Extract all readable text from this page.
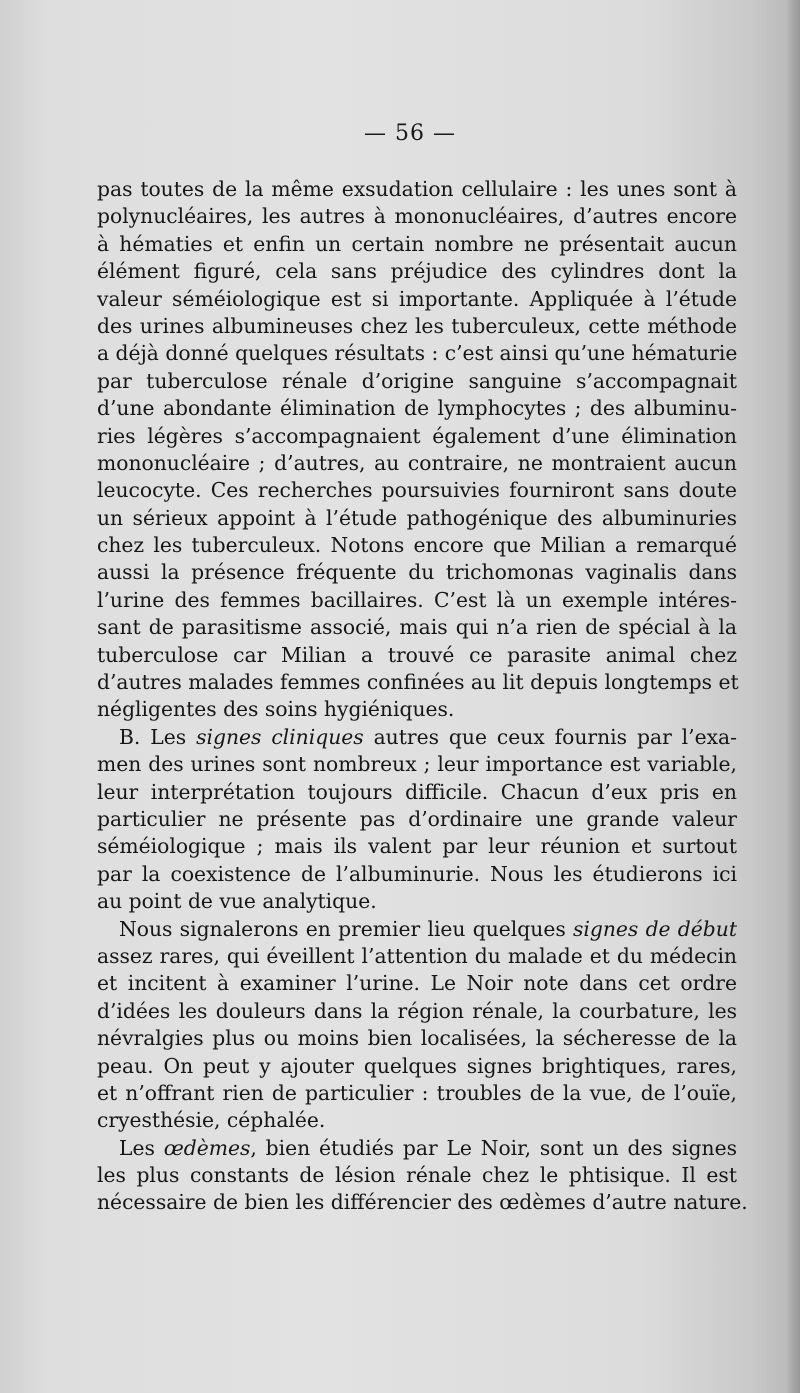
— 56 —
pas toutes de la même exsudation cellulaire : les unes sont à
polynucléaires, les autres à mononucléaires, d’autres encore
à hématies et enfin un certain nombre ne présentait aucun
élément figuré, cela sans préjudice des cylindres dont la
valeur séméiologique est si importante. Appliquée à l’étude
des urines albumineuses chez les tuberculeux, cette méthode
a déjà donné quelques résultats : c’est ainsi qu’une hématurie
par tuberculose rénale d’origine sanguine s’accompagnait
d’une abondante élimination de lymphocytes ; des albuminu-
ries légères s’accompagnaient également d’une élimination
mononucléaire ; d’autres, au contraire, ne montraient aucun
leucocyte. Ces recherches poursuivies fourniront sans doute
un sérieux appoint à l’étude pathogénique des albuminuries
chez les tuberculeux. Notons encore que Milian a remarqué
aussi la présence fréquente du trichomonas vaginalis dans
l’urine des femmes bacillaires. C’est là un exemple intéres-
sant de parasitisme associé, mais qui n’a rien de spécial à la
tuberculose car Milian a trouvé ce parasite animal chez
d’autres malades femmes confinées au lit depuis longtemps et
négligentes des soins hygiéniques.
B. Les signes cliniques autres que ceux fournis par l’exa-
men des urines sont nombreux ; leur importance est variable,
leur interprétation toujours difficile. Chacun d’eux pris en
particulier ne présente pas d’ordinaire une grande valeur
séméiologique ; mais ils valent par leur réunion et surtout
par la coexistence de l’albuminurie. Nous les étudierons ici
au point de vue analytique.
Nous signalerons en premier lieu quelques signes de début
assez rares, qui éveillent l’attention du malade et du médecin
et incitent à examiner l’urine. Le Noir note dans cet ordre
d’idées les douleurs dans la région rénale, la courbature, les
névralgies plus ou moins bien localisées, la sécheresse de la
peau. On peut y ajouter quelques signes brightiques, rares,
et n’offrant rien de particulier : troubles de la vue, de l’ouïe,
cryesthésie, céphalée.
Les œdèmes, bien étudiés par Le Noir, sont un des signes
les plus constants de lésion rénale chez le phtisique. Il est
nécessaire de bien les différencier des œdèmes d’autre nature.
